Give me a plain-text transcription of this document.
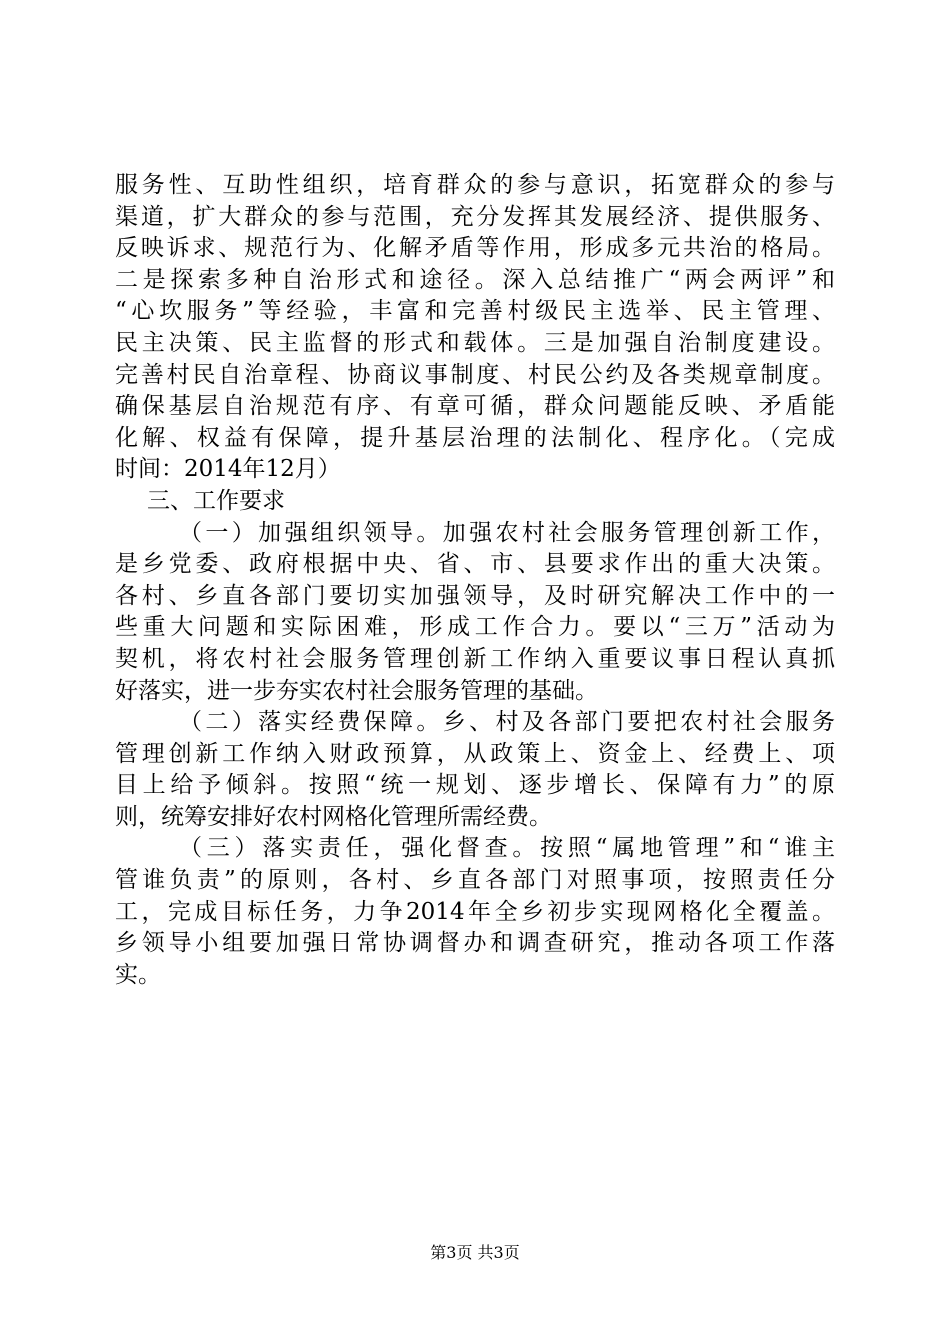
服务性、互助性组织，培育群众的参与意识，拓宽群众的参与
渠道，扩大群众的参与范围，充分发挥其发展经济、提供服务、
反映诉求、规范行为、化解矛盾等作用，形成多元共治的格局。
二是探索多种自治形式和途径。深入总结推广“两会两评”和
“心坎服务”等经验，丰富和完善村级民主选举、民主管理、
民主决策、民主监督的形式和载体。三是加强自治制度建设。
完善村民自治章程、协商议事制度、村民公约及各类规章制度。
确保基层自治规范有序、有章可循，群众问题能反映、矛盾能
化解、权益有保障，提升基层治理的法制化、程序化。（完成
时间：2014年12月）
三、工作要求
（一）加强组织领导。加强农村社会服务管理创新工作，
是乡党委、政府根据中央、省、市、县要求作出的重大决策。
各村、乡直各部门要切实加强领导，及时研究解决工作中的一
些重大问题和实际困难，形成工作合力。要以“三万”活动为
契机，将农村社会服务管理创新工作纳入重要议事日程认真抓
好落实，进一步夯实农村社会服务管理的基础。
（二）落实经费保障。乡、村及各部门要把农村社会服务
管理创新工作纳入财政预算，从政策上、资金上、经费上、项
目上给予倾斜。按照“统一规划、逐步增长、保障有力”的原
则，统筹安排好农村网格化管理所需经费。
（三）落实责任，强化督查。按照“属地管理”和“谁主
管谁负责”的原则，各村、乡直各部门对照事项，按照责任分
工，完成目标任务，力争2014年全乡初步实现网格化全覆盖。
乡领导小组要加强日常协调督办和调查研究，推动各项工作落
实。
第3页 共3页
